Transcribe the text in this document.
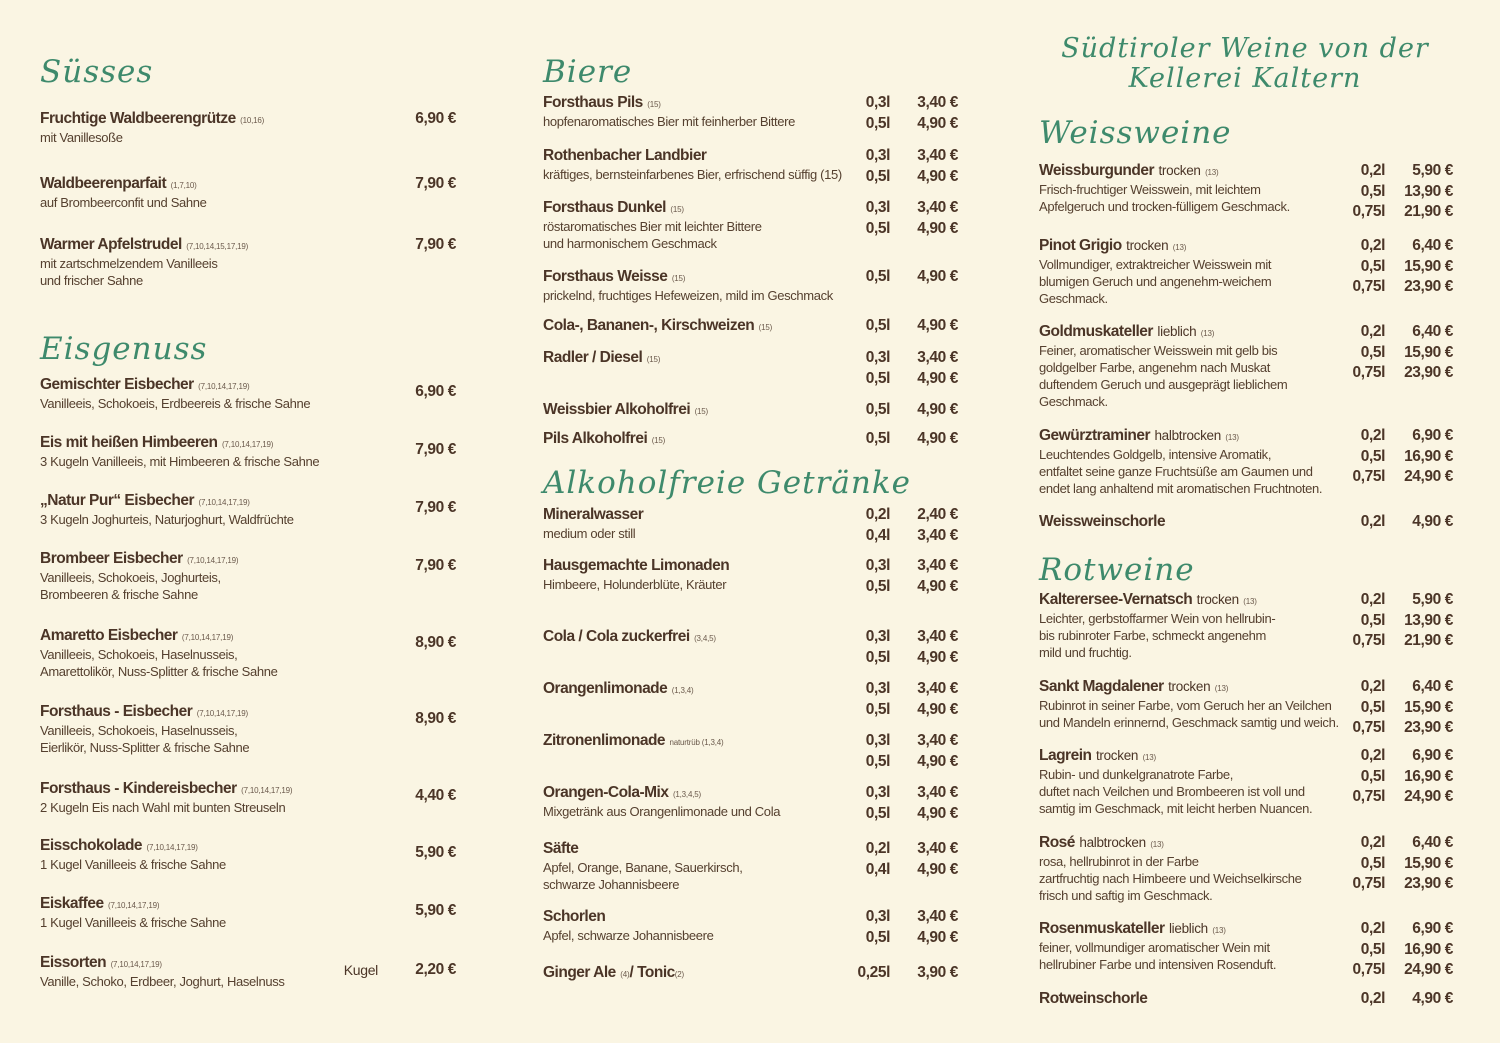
Süsses
Fruchtige Waldbeerengrütze (10,16)
mit Vanillesoße
6,90 €
Waldbeerenparfait (1,7,10)
auf Brombeerconfit und Sahne
7,90 €
Warmer Apfelstrudel (7,10,14,15,17,19)
mit zartschmelzendem Vanilleeis
und frischer Sahne
7,90 €
Eisgenuss
Gemischter Eisbecher (7,10,14,17,19)
Vanilleeis, Schokoeis, Erdbeereis & frische Sahne
6,90 €
Eis mit heißen Himbeeren (7,10,14,17,19)
3 Kugeln Vanilleeis, mit Himbeeren & frische Sahne
7,90 €
„Natur Pur“ Eisbecher (7,10,14,17,19)
3 Kugeln Joghurteis, Naturjoghurt, Waldfrüchte
7,90 €
Brombeer Eisbecher (7,10,14,17,19)
Vanilleeis, Schokoeis, Joghurteis,
Brombeeren & frische Sahne
7,90 €
Amaretto Eisbecher (7,10,14,17,19)
Vanilleeis, Schokoeis, Haselnusseis,
Amarettolikör, Nuss-Splitter & frische Sahne
8,90 €
Forsthaus - Eisbecher (7,10,14,17,19)
Vanilleeis, Schokoeis, Haselnusseis,
Eierlikör, Nuss-Splitter & frische Sahne
8,90 €
Forsthaus - Kindereisbecher (7,10,14,17,19)
2 Kugeln Eis nach Wahl mit bunten Streuseln
4,40 €
Eisschokolade (7,10,14,17,19)
1 Kugel Vanilleeis & frische Sahne
5,90 €
Eiskaffee (7,10,14,17,19)
1 Kugel Vanilleeis & frische Sahne
5,90 €
Eissorten (7,10,14,17,19)
Vanille, Schoko, Erdbeer, Joghurt, Haselnuss
Kugel 2,20 €
Biere
Forsthaus Pils (15)
hopfenaromatisches Bier mit feinherber Bittere
0,3l 3,40 €
0,5l 4,90 €
Rothenbacher Landbier
kräftiges, bernsteinfarbenes Bier, erfrischend süffig (15)
0,3l 3,40 €
0,5l 4,90 €
Forsthaus Dunkel (15)
röstaromatisches Bier mit leichter Bittere
und harmonischem Geschmack
0,3l 3,40 €
0,5l 4,90 €
Forsthaus Weisse (15)
prickelnd, fruchtiges Hefeweizen, mild im Geschmack
0,5l 4,90 €
Cola-, Bananen-, Kirschweizen (15)	0,5l 4,90 €
Radler / Diesel (15)	0,3l 3,40 €
0,5l 4,90 €
Weissbier Alkoholfrei (15)	0,5l 4,90 €
Pils Alkoholfrei (15)	0,5l 4,90 €
Alkoholfreie Getränke
Mineralwasser
medium oder still
0,2l 2,40 €
0,4l 3,40 €
Hausgemachte Limonaden
Himbeere, Holunderblüte, Kräuter
0,3l 3,40 €
0,5l 4,90 €
Cola / Cola zuckerfrei (3,4,5)	0,3l 3,40 €
0,5l 4,90 €
Orangenlimonade (1,3,4)	0,3l 3,40 €
0,5l 4,90 €
Zitronenlimonade naturtrüb (1,3,4)	0,3l 3,40 €
0,5l 4,90 €
Orangen-Cola-Mix (1,3,4,5)
Mixgetränk aus Orangenlimonade und Cola
0,3l 3,40 €
0,5l 4,90 €
Säfte
Apfel, Orange, Banane, Sauerkirsch,
schwarze Johannisbeere
0,2l 3,40 €
0,4l 4,90 €
Schorlen
Apfel, schwarze Johannisbeere
0,3l 3,40 €
0,5l 4,90 €
Ginger Ale (4)/ Tonic(2)	0,25l 3,90 €
Weissweine
Weissburgunder trocken (13)
Frisch-fruchtiger Weisswein, mit leichtem
Apfelgeruch und trocken-fülligem Geschmack.
0,2l 5,90 €
0,5l 13,90 €
0,75l 21,90 €
Pinot Grigio trocken (13)
Vollmundiger, extraktreicher Weisswein mit
blumigen Geruch und angenehm-weichem
Geschmack.
0,2l 6,40 €
0,5l 15,90 €
0,75l 23,90 €
Goldmuskateller lieblich (13)
Feiner, aromatischer Weisswein mit gelb bis
goldgelber Farbe, angenehm nach Muskat
duftendem Geruch und ausgeprägt lieblichem
Geschmack.
0,2l 6,40 €
0,5l 15,90 €
0,75l 23,90 €
Gewürztraminer halbtrocken (13)
Leuchtendes Goldgelb, intensive Aromatik,
entfaltet seine ganze Fruchtsüße am Gaumen und
endet lang anhaltend mit aromatischen Fruchtnoten.
0,2l 6,90 €
0,5l 16,90 €
0,75l 24,90 €
Weissweinschorle	0,2l 4,90 €
Rotweine
Kalterersee-Vernatsch trocken (13)
Leichter, gerbstoffarmer Wein von hellrubin-
bis rubinroter Farbe, schmeckt angenehm
mild und fruchtig.
0,2l 5,90 €
0,5l 13,90 €
0,75l 21,90 €
Sankt Magdalener trocken (13)
Rubinrot in seiner Farbe, vom Geruch her an Veilchen
und Mandeln erinnernd, Geschmack samtig und weich.
0,2l 6,40 €
0,5l 15,90 €
0,75l 23,90 €
Lagrein trocken (13)
Rubin- und dunkelgranatrote Farbe,
duftet nach Veilchen und Brombeeren ist voll und
samtig im Geschmack, mit leicht herben Nuancen.
0,2l 6,90 €
0,5l 16,90 €
0,75l 24,90 €
Rosé halbtrocken (13)
rosa, hellrubinrot in der Farbe
zartfruchtig nach Himbeere und Weichselkirsche
frisch und saftig im Geschmack.
0,2l 6,40 €
0,5l 15,90 €
0,75l 23,90 €
Rosenmuskateller lieblich (13)
feiner, vollmundiger aromatischer Wein mit
hellrubiner Farbe und intensiven Rosenduft.
0,2l 6,90 €
0,5l 16,90 €
0,75l 24,90 €
Rotweinschorle	0,2l 4,90 €
Südtiroler Weine von der
Kellerei Kaltern
